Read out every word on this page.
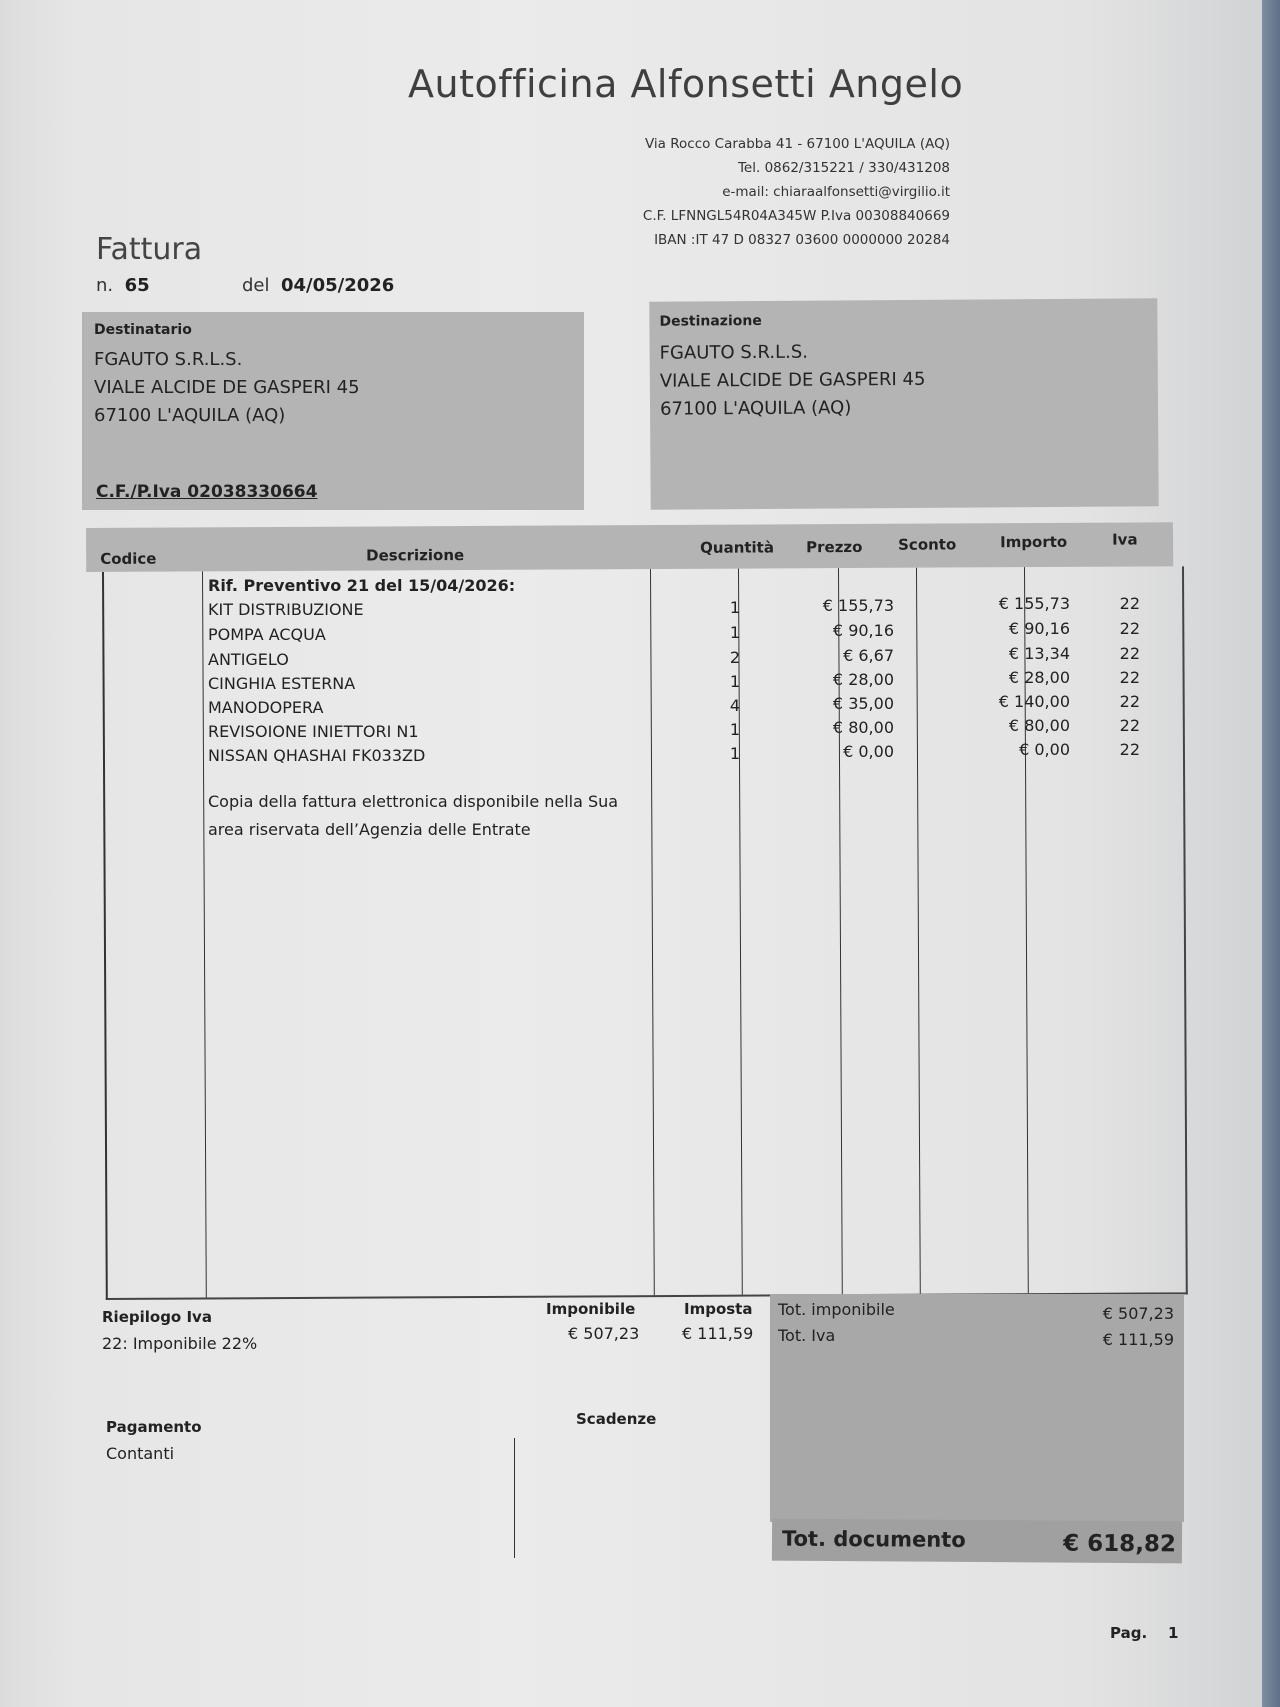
Autofficina Alfonsetti Angelo
Via Rocco Carabba 41 - 67100 L'AQUILA (AQ)
Tel. 0862/315221 / 330/431208
e-mail: chiaraalfonsetti@virgilio.it
C.F. LFNNGL54R04A345W P.Iva 00308840669
IBAN :IT 47 D 08327 03600 0000000 20284
Fattura
n. 65	del 04/05/2026
Destinatario
FGAUTO S.R.L.S.
VIALE ALCIDE DE GASPERI 45
67100 L'AQUILA (AQ)
C.F./P.Iva 02038330664
Destinazione
FGAUTO S.R.L.S.
VIALE ALCIDE DE GASPERI 45
67100 L'AQUILA (AQ)
Codice	Descrizione	Quantità Prezzo Sconto	Importo	Iva
Rif. Preventivo 21 del 15/04/2026:
KIT DISTRIBUZIONE	1	€ 155,73	€ 155,73	22
POMPA ACQUA	1	€ 90,16	€ 90,16	22
ANTIGELO	2	€ 6,67	€ 13,34	22
CINGHIA ESTERNA	1	€ 28,00	€ 28,00	22
MANODOPERA	4	€ 35,00	€ 140,00	22
REVISOIONE INIETTORI N1	1	€ 80,00	€ 80,00	22
NISSAN QHASHAI FK033ZD	1	€ 0,00	€ 0,00	22
Copia della fattura elettronica disponibile nella Sua
area riservata dell’Agenzia delle Entrate
Riepilogo Iva
22: Imponibile 22%
Imponibile
€ 507,23
Imposta
€ 111,59
Tot. imponibile	€ 507,23
Tot. Iva	€ 111,59
Tot. documento	€ 618,82
Pagamento
Contanti
Scadenze
Pag. 1
